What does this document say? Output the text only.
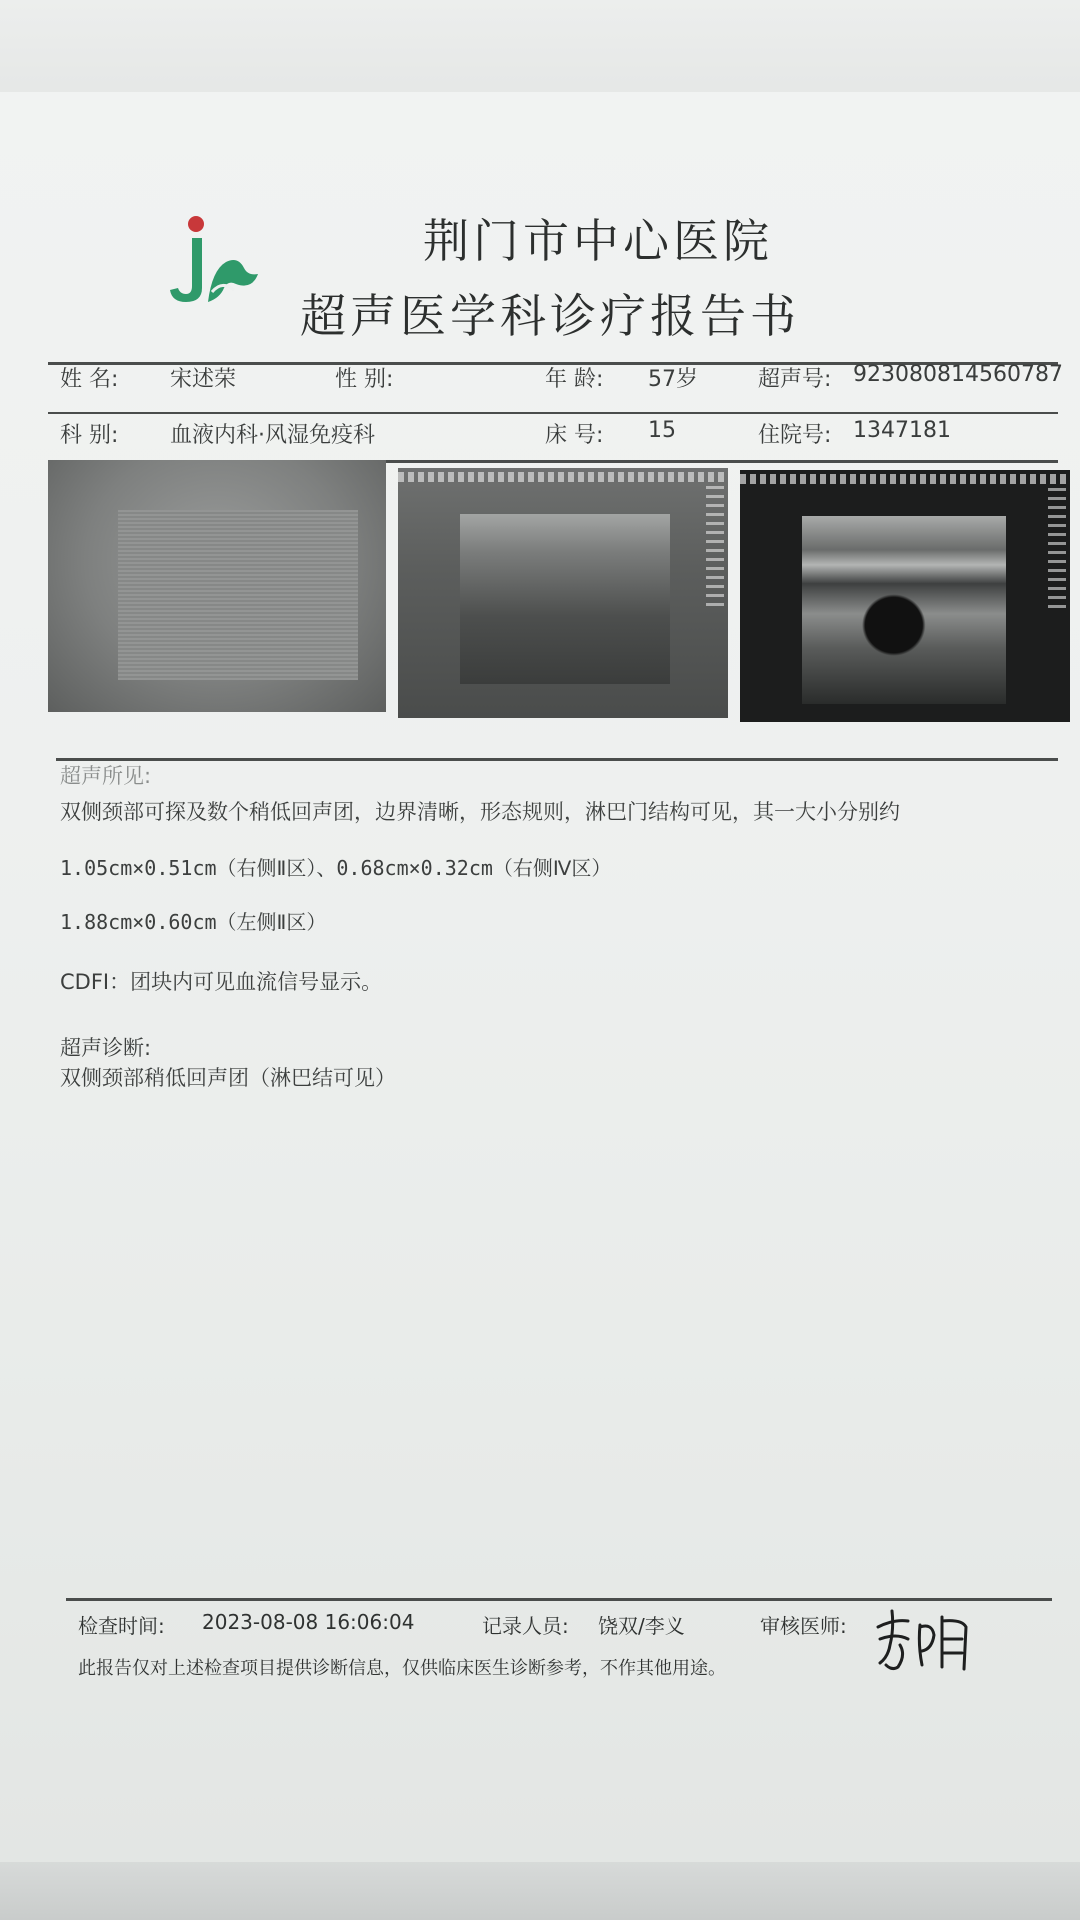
荆门市中心医院
超声医学科诊疗报告书
姓 名: 宋述荣	性 别:	年 龄: 57岁	超声号: 923080814560787
科 别: 血液内科·风湿免疫科	床 号: 15	住院号: 1347181
超声所见:
双侧颈部可探及数个稍低回声团，边界清晰，形态规则，淋巴门结构可见，其一大小分别约
1.05cm×0.51cm（右侧Ⅱ区）、0.68cm×0.32cm（右侧Ⅳ区）
1.88cm×0.60cm（左侧Ⅱ区）
CDFI：团块内可见血流信号显示。
超声诊断:
双侧颈部稍低回声团（淋巴结可见）
检查时间: 2023-08-08 16:06:04	记录人员: 饶双/李义	审核医师:
此报告仅对上述检查项目提供诊断信息，仅供临床医生诊断参考，不作其他用途。
